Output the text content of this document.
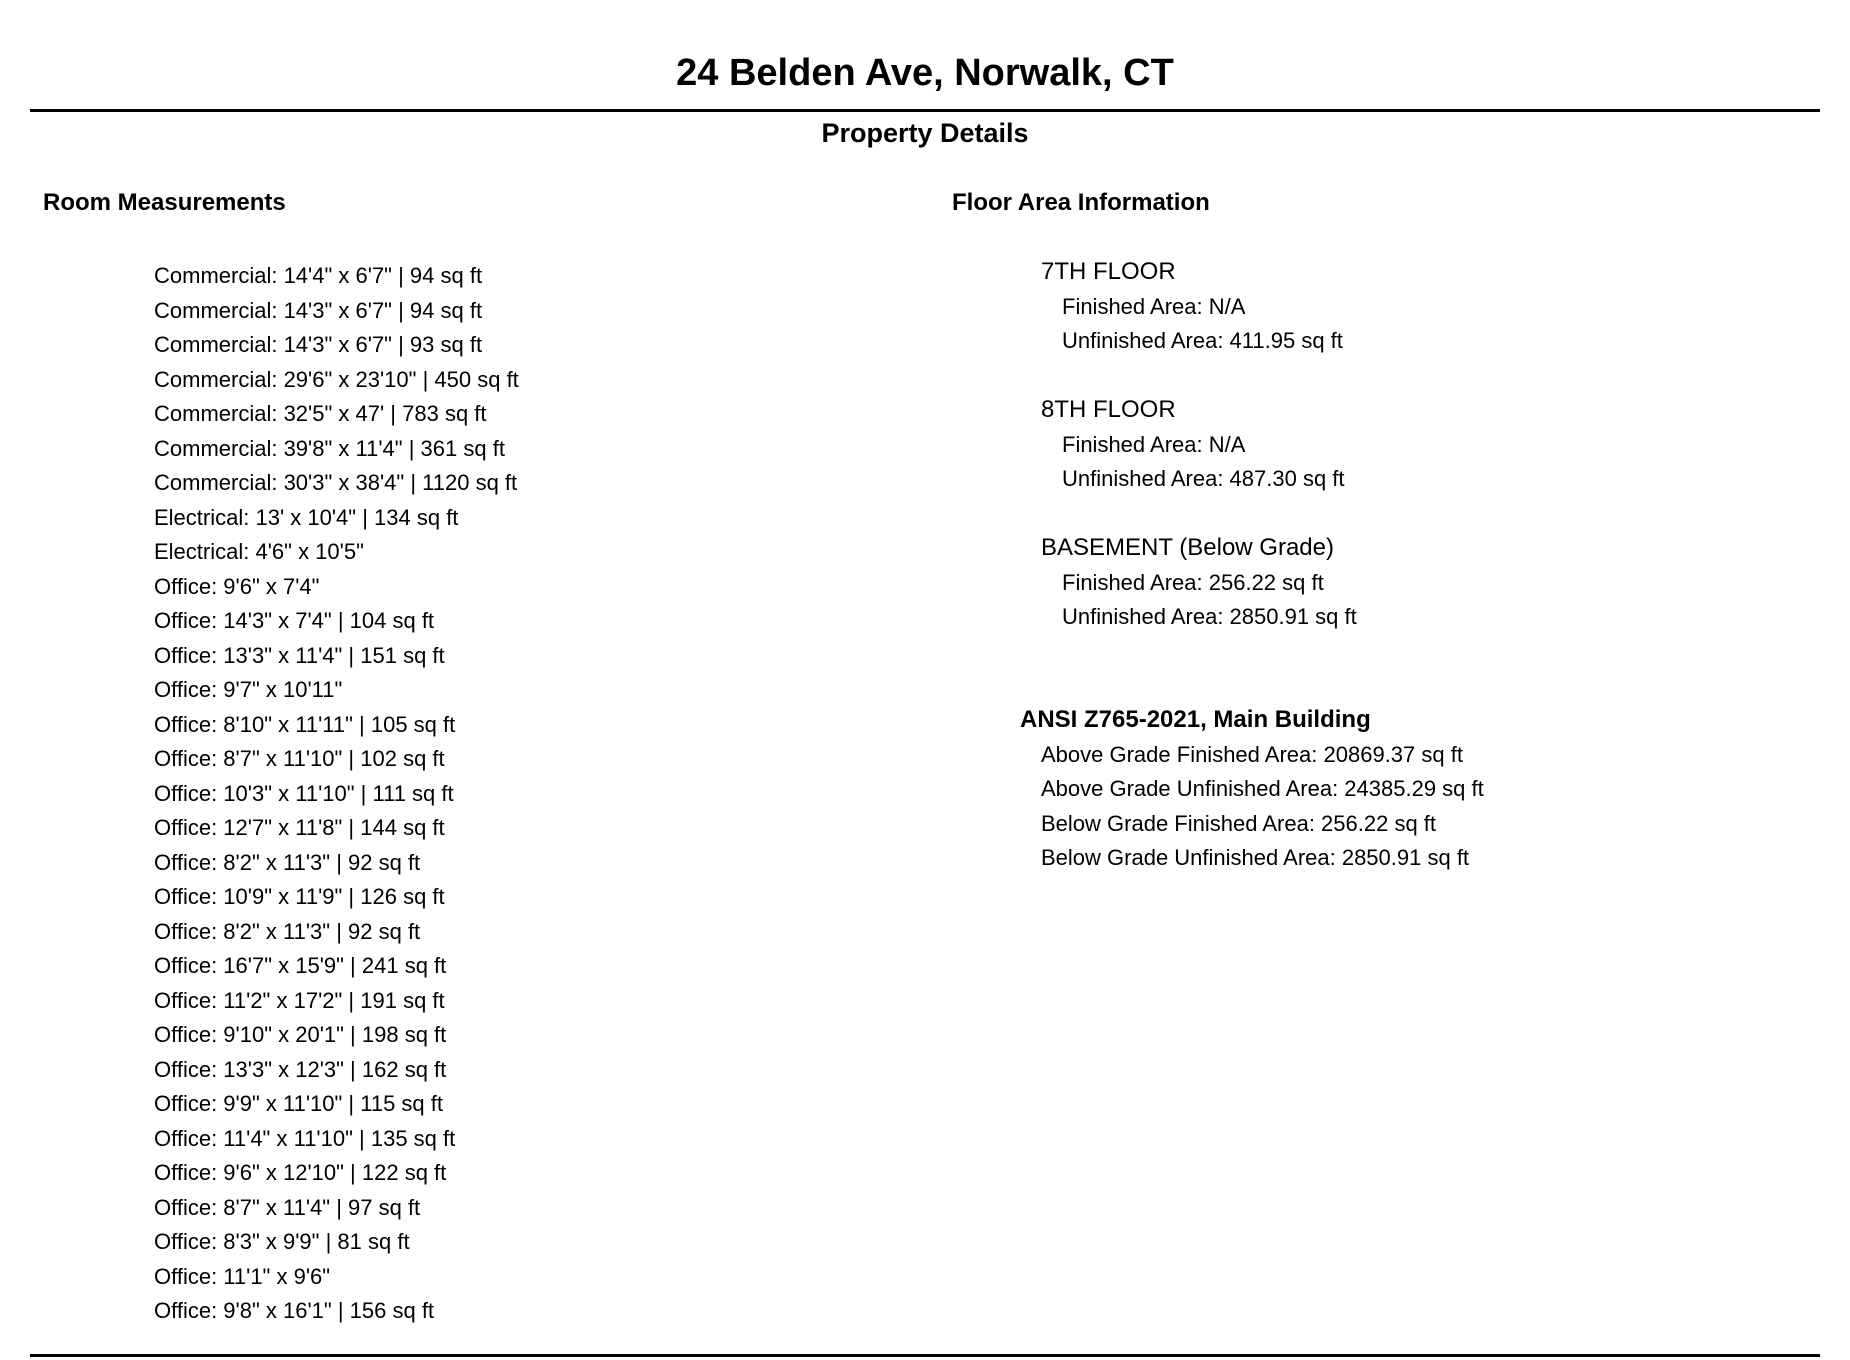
24 Belden Ave, Norwalk, CT
Property Details
Room Measurements	Floor Area Information
Commercial: 14'4" x 6'7" | 94 sq ft
Commercial: 14'3" x 6'7" | 94 sq ft
Commercial: 14'3" x 6'7" | 93 sq ft
Commercial: 29'6" x 23'10" | 450 sq ft
Commercial: 32'5" x 47' | 783 sq ft
Commercial: 39'8" x 11'4" | 361 sq ft
Commercial: 30'3" x 38'4" | 1120 sq ft
Electrical: 13' x 10'4" | 134 sq ft
Electrical: 4'6" x 10'5"
Office: 9'6" x 7'4"
Office: 14'3" x 7'4" | 104 sq ft
Office: 13'3" x 11'4" | 151 sq ft
Office: 9'7" x 10'11"
Office: 8'10" x 11'11" | 105 sq ft
Office: 8'7" x 11'10" | 102 sq ft
Office: 10'3" x 11'10" | 111 sq ft
Office: 12'7" x 11'8" | 144 sq ft
Office: 8'2" x 11'3" | 92 sq ft
Office: 10'9" x 11'9" | 126 sq ft
Office: 8'2" x 11'3" | 92 sq ft
Office: 16'7" x 15'9" | 241 sq ft
Office: 11'2" x 17'2" | 191 sq ft
Office: 9'10" x 20'1" | 198 sq ft
Office: 13'3" x 12'3" | 162 sq ft
Office: 9'9" x 11'10" | 115 sq ft
Office: 11'4" x 11'10" | 135 sq ft
Office: 9'6" x 12'10" | 122 sq ft
Office: 8'7" x 11'4" | 97 sq ft
Office: 8'3" x 9'9" | 81 sq ft
Office: 11'1" x 9'6"
Office: 9'8" x 16'1" | 156 sq ft
7TH FLOOR
Finished Area: N/A
Unfinished Area: 411.95 sq ft
8TH FLOOR
Finished Area: N/A
Unfinished Area: 487.30 sq ft
BASEMENT (Below Grade)
Finished Area: 256.22 sq ft
Unfinished Area: 2850.91 sq ft
ANSI Z765-2021, Main Building
Above Grade Finished Area: 20869.37 sq ft
Above Grade Unfinished Area: 24385.29 sq ft
Below Grade Finished Area: 256.22 sq ft
Below Grade Unfinished Area: 2850.91 sq ft
